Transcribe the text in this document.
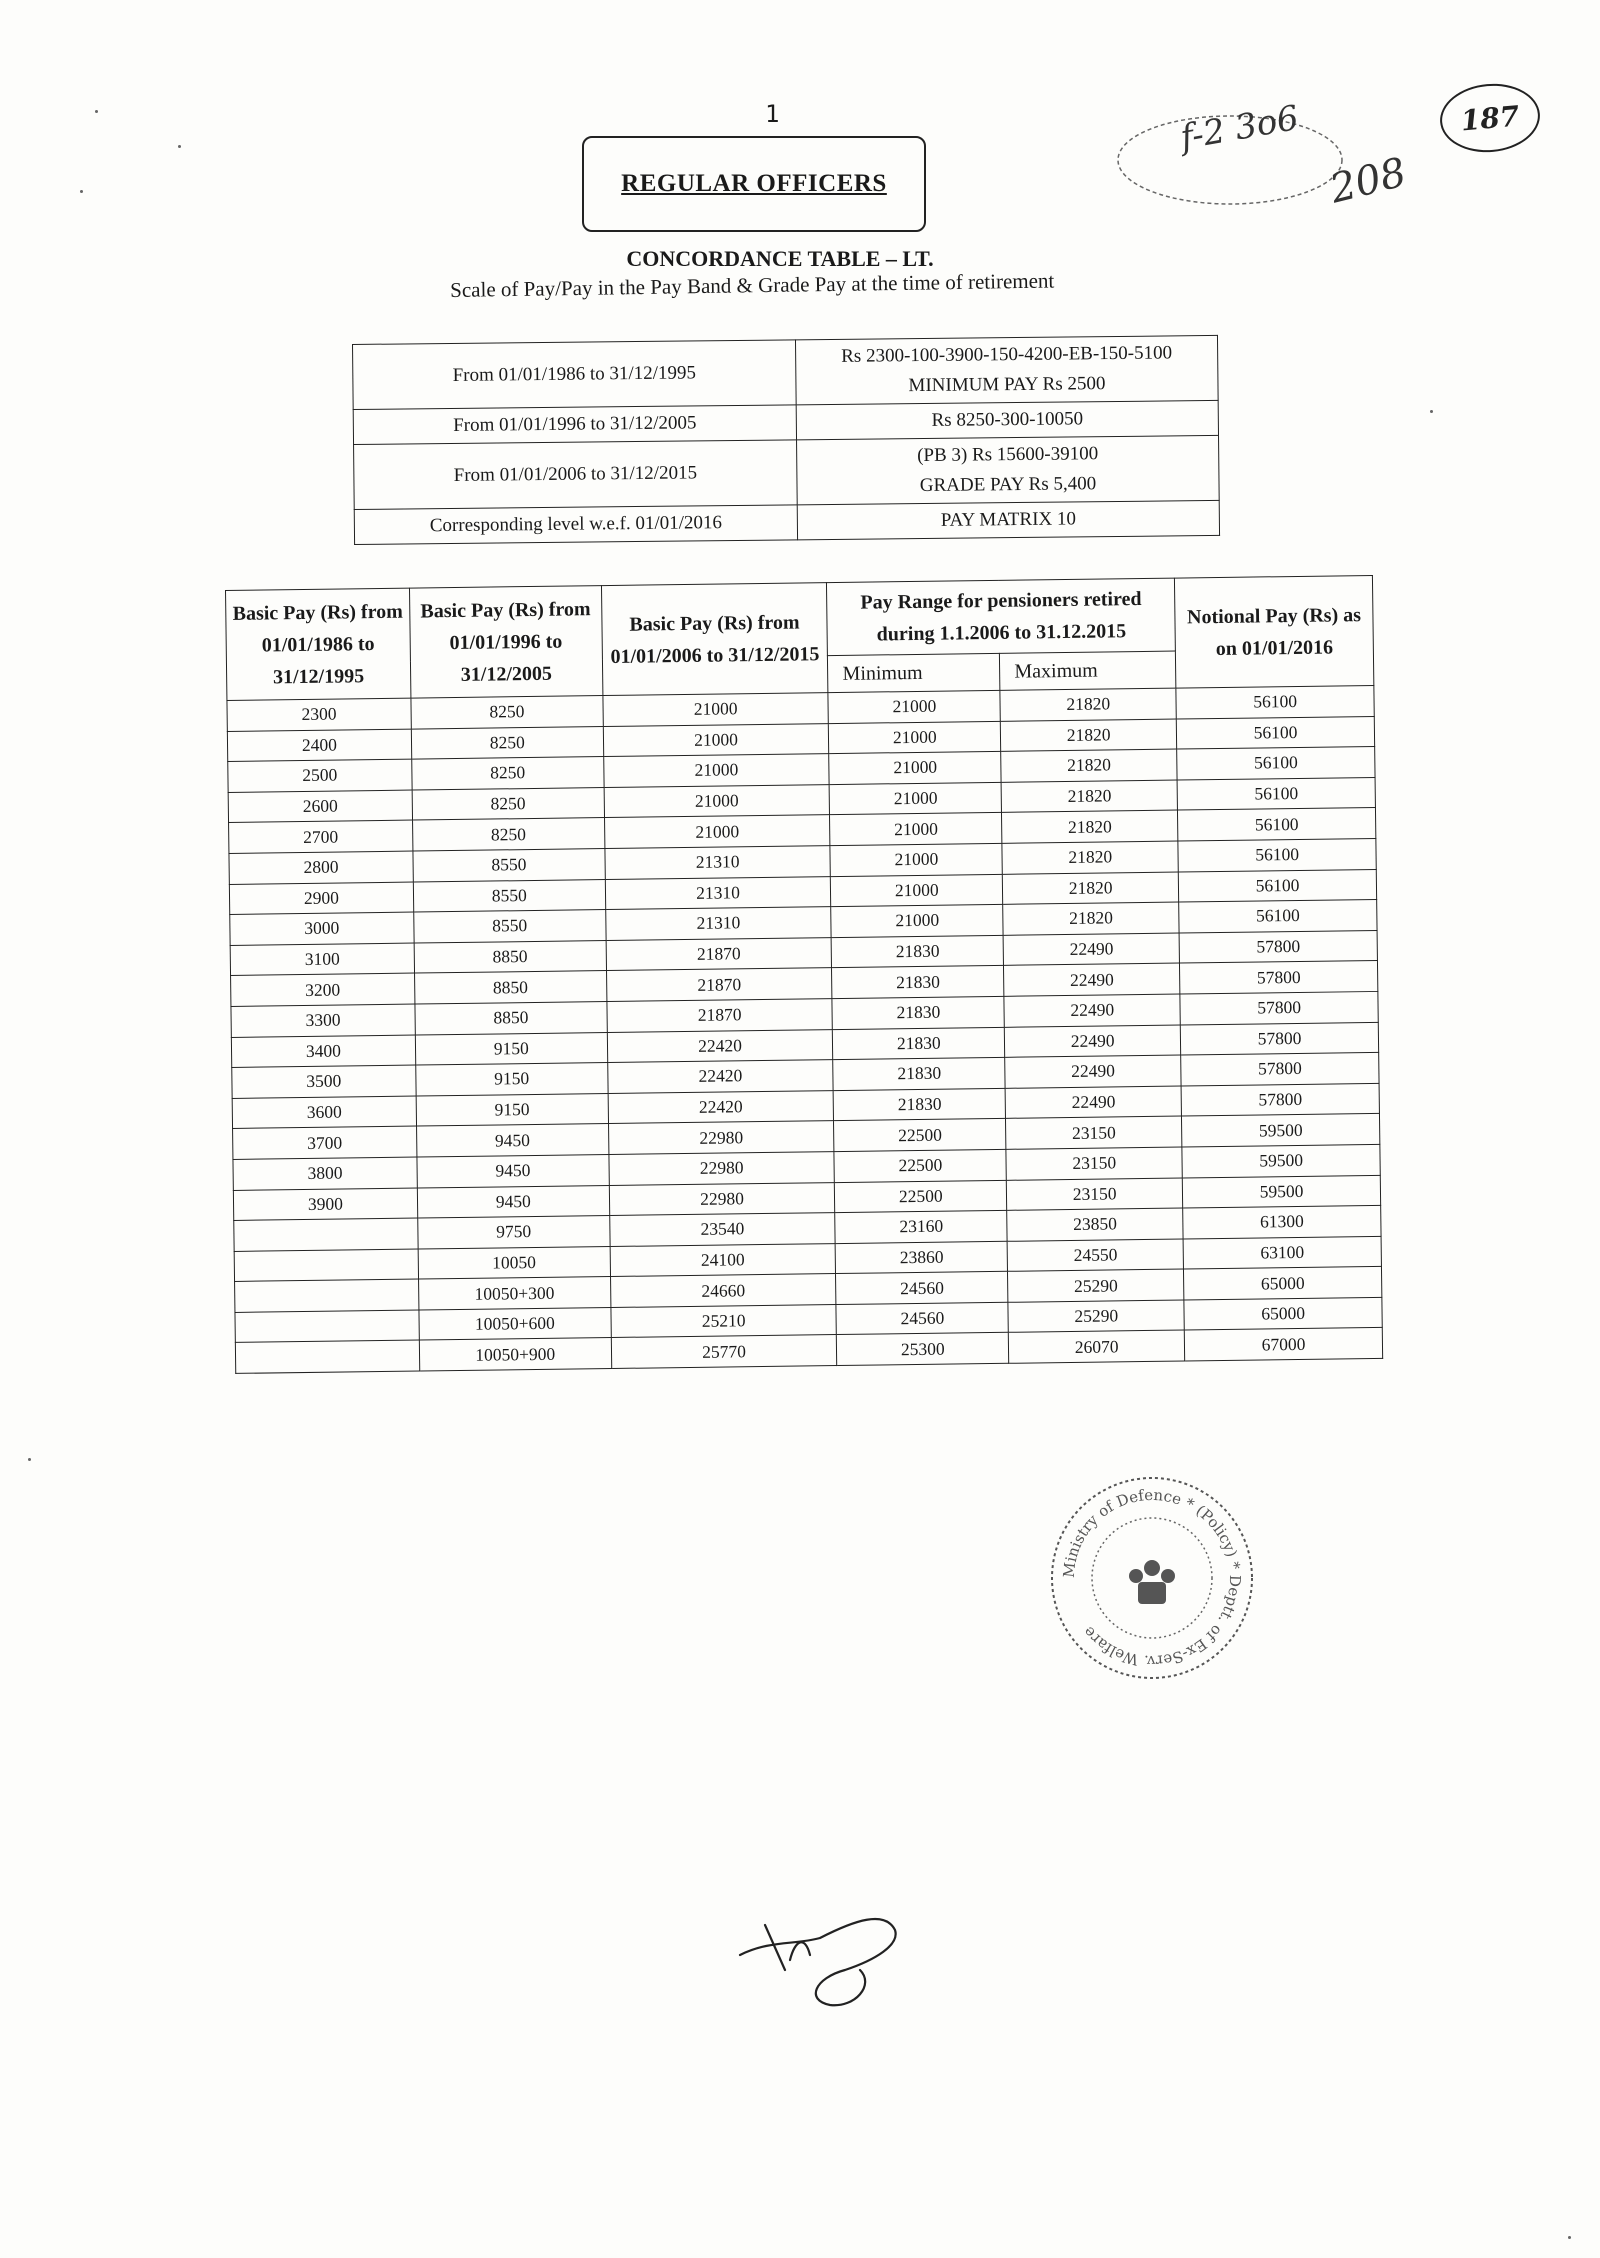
1	f-2 3o6
208
187
REGULAR OFFICERS
CONCORDANCE TABLE – LT.
Scale of Pay/Pay in the Pay Band & Grade Pay at the time of retirement
From 01/01/1986 to 31/12/1995	Rs 2300-100-3900-150-4200-EB-150-5100
MINIMUM PAY Rs 2500

From 01/01/1996 to 31/12/2005	Rs 8250-300-10050

From 01/01/2006 to 31/12/2015	(PB 3) Rs 15600-39100
GRADE PAY Rs 5,400

Corresponding level w.e.f. 01/01/2016	PAY MATRIX 10
Basic Pay (Rs) from 01/01/1986 to 31/12/1995	Basic Pay (Rs) from 01/01/1996 to 31/12/2005	Basic Pay (Rs) from 01/01/2006 to 31/12/2015	Pay Range for pensioners retired during 1.1.2006 to 31.12.2015		Notional Pay (Rs) as on 01/01/2016
			Minimum	Maximum	
2300	8250	21000	21000	21820	56100
2400	8250	21000	21000	21820	56100
2500	8250	21000	21000	21820	56100
2600	8250	21000	21000	21820	56100
2700	8250	21000	21000	21820	56100
2800	8550	21310	21000	21820	56100
2900	8550	21310	21000	21820	56100
3000	8550	21310	21000	21820	56100
3100	8850	21870	21830	22490	57800
3200	8850	21870	21830	22490	57800
3300	8850	21870	21830	22490	57800
3400	9150	22420	21830	22490	57800
3500	9150	22420	21830	22490	57800
3600	9150	22420	21830	22490	57800
3700	9450	22980	22500	23150	59500
3800	9450	22980	22500	23150	59500
3900	9450	22980	22500	23150	59500
	9750	23540	23160	23850	61300
	10050	24100	23860	24550	63100
	10050+300	24660	24560	25290	65000
	10050+600	25210	24560	25290	65000
	10050+900	25770	25300	26070	67000
Ministry of Defence * (Policy) * Deptt. of Ex-Serv. Welfare
